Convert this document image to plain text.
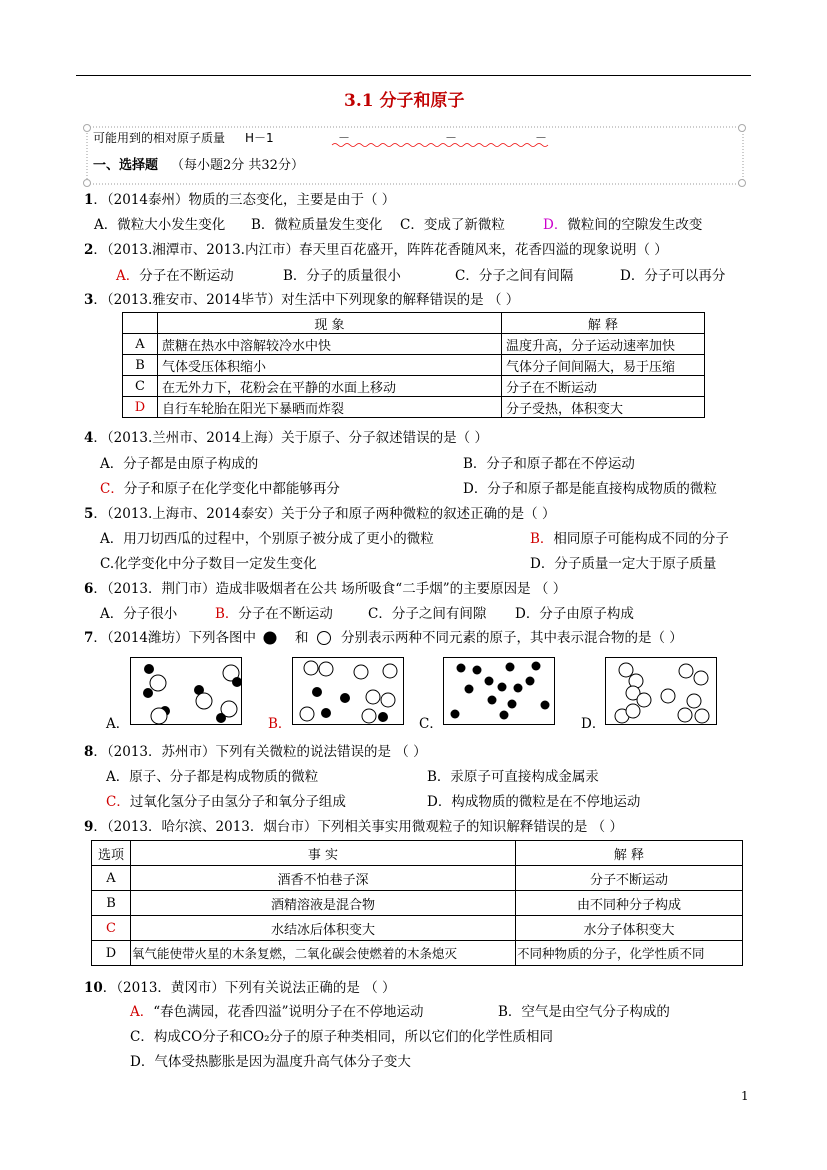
3.1 分子和原子
可能用到的相对原子质量 H－1	－	－	－
一、选择题 （每小题2分 共32分）
1．（2014泰州）物质的三态变化，主要是由于（ ）
A．微粒大小发生变化 B．微粒质量发生变化 C．变成了新微粒	D．微粒间的空隙发生改变
2．（2013.湘潭市、2013.内江市）春天里百花盛开，阵阵花香随风来，花香四溢的现象说明（ ）
A．分子在不断运动	B．分子的质量很小	C．分子之间有间隔	D．分子可以再分
3．（2013.雅安市、2014毕节）对生活中下列现象的解释错误的是 （ ）
	现 象	解 释
A	蔗糖在热水中溶解较冷水中快	温度升高，分子运动速率加快
B	气体受压体积缩小	气体分子间间隔大，易于压缩
C	在无外力下，花粉会在平静的水面上移动	分子在不断运动
D	自行车轮胎在阳光下暴晒而炸裂	分子受热，体积变大
4．（2013.兰州市、2014上海）关于原子、分子叙述错误的是（ ）
A．分子都是由原子构成的	B．分子和原子都在不停运动
C．分子和原子在化学变化中都能够再分	D．分子和原子都是能直接构成物质的微粒
5．（2013.上海市、2014泰安）关于分子和原子两种微粒的叙述正确的是（ ）
A．用刀切西瓜的过程中，个别原子被分成了更小的微粒	B．相同原子可能构成不同的分子
C.化学变化中分子数目一定发生变化	D．分子质量一定大于原子质量
6．（2013．荆门市）造成非吸烟者在公共 场所吸食“二手烟”的主要原因是 （ ）
A．分子很小	B．分子在不断运动	C．分子之间有间隙 D．分子由原子构成
7．（2014潍坊）下列各图中	和 分别表示两种不同元素的原子，其中表示混合物的是（ ）
A．	B．	C．	D．
8．（2013．苏州市）下列有关微粒的说法错误的是 （ ）
A．原子、分子都是构成物质的微粒	B．汞原子可直接构成金属汞
C．过氧化氢分子由氢分子和氧分子组成	D．构成物质的微粒是在不停地运动
9．（2013．哈尔滨、2013．烟台市）下列相关事实用微观粒子的知识解释错误的是 （ ）
选项	事 实	解 释
A	酒香不怕巷子深	分子不断运动
B	酒精溶液是混合物	由不同种分子构成
C	水结冰后体积变大	水分子体积变大
D	氧气能使带火星的木条复燃，二氧化碳会使燃着的木条熄灭	不同种物质的分子，化学性质不同
10．（2013．黄冈市）下列有关说法正确的是 （ ）
A．“春色满园，花香四溢”说明分子在不停地运动	B．空气是由空气分子构成的
C．构成CO分子和CO₂分子的原子种类相同，所以它们的化学性质相同
D．气体受热膨胀是因为温度升高气体分子变大
1
